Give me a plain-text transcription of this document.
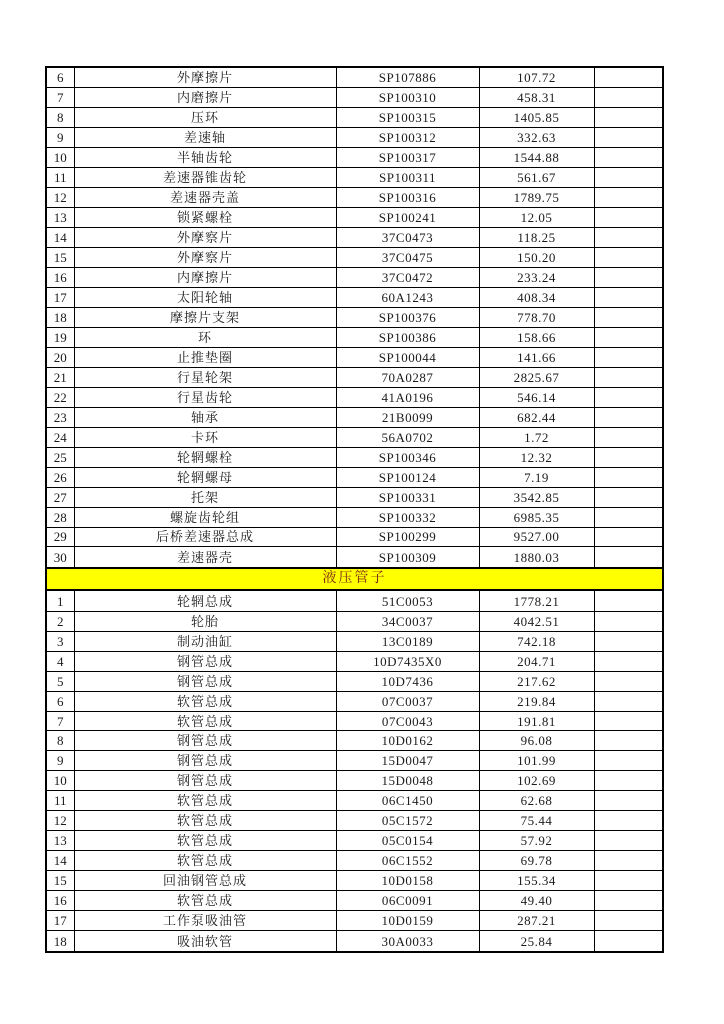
6	外摩擦片	SP107886	107.72	
7	内磨擦片	SP100310	458.31	
8	压环	SP100315	1405.85	
9	差速轴	SP100312	332.63	
10	半轴齿轮	SP100317	1544.88	
11	差速器锥齿轮	SP100311	561.67	
12	差速器壳盖	SP100316	1789.75	
13	锁紧螺栓	SP100241	12.05	
14	外摩察片	37C0473	118.25	
15	外摩察片	37C0475	150.20	
16	内摩擦片	37C0472	233.24	
17	太阳轮轴	60A1243	408.34	
18	摩擦片支架	SP100376	778.70	
19	环	SP100386	158.66	
20	止推垫圈	SP100044	141.66	
21	行星轮架	70A0287	2825.67	
22	行星齿轮	41A0196	546.14	
23	轴承	21B0099	682.44	
24	卡环	56A0702	1.72	
25	轮辋螺栓	SP100346	12.32	
26	轮辋螺母	SP100124	7.19	
27	托架	SP100331	3542.85	
28	螺旋齿轮组	SP100332	6985.35	
29	后桥差速器总成	SP100299	9527.00	
30	差速器壳	SP100309	1880.03	
液压管子				
1	轮辋总成	51C0053	1778.21	
2	轮胎	34C0037	4042.51	
3	制动油缸	13C0189	742.18	
4	钢管总成	10D7435X0	204.71	
5	钢管总成	10D7436	217.62	
6	软管总成	07C0037	219.84	
7	软管总成	07C0043	191.81	
8	钢管总成	10D0162	96.08	
9	钢管总成	15D0047	101.99	
10	钢管总成	15D0048	102.69	
11	软管总成	06C1450	62.68	
12	软管总成	05C1572	75.44	
13	软管总成	05C0154	57.92	
14	软管总成	06C1552	69.78	
15	回油钢管总成	10D0158	155.34	
16	软管总成	06C0091	49.40	
17	工作泵吸油管	10D0159	287.21	
18	吸油软管	30A0033	25.84	
